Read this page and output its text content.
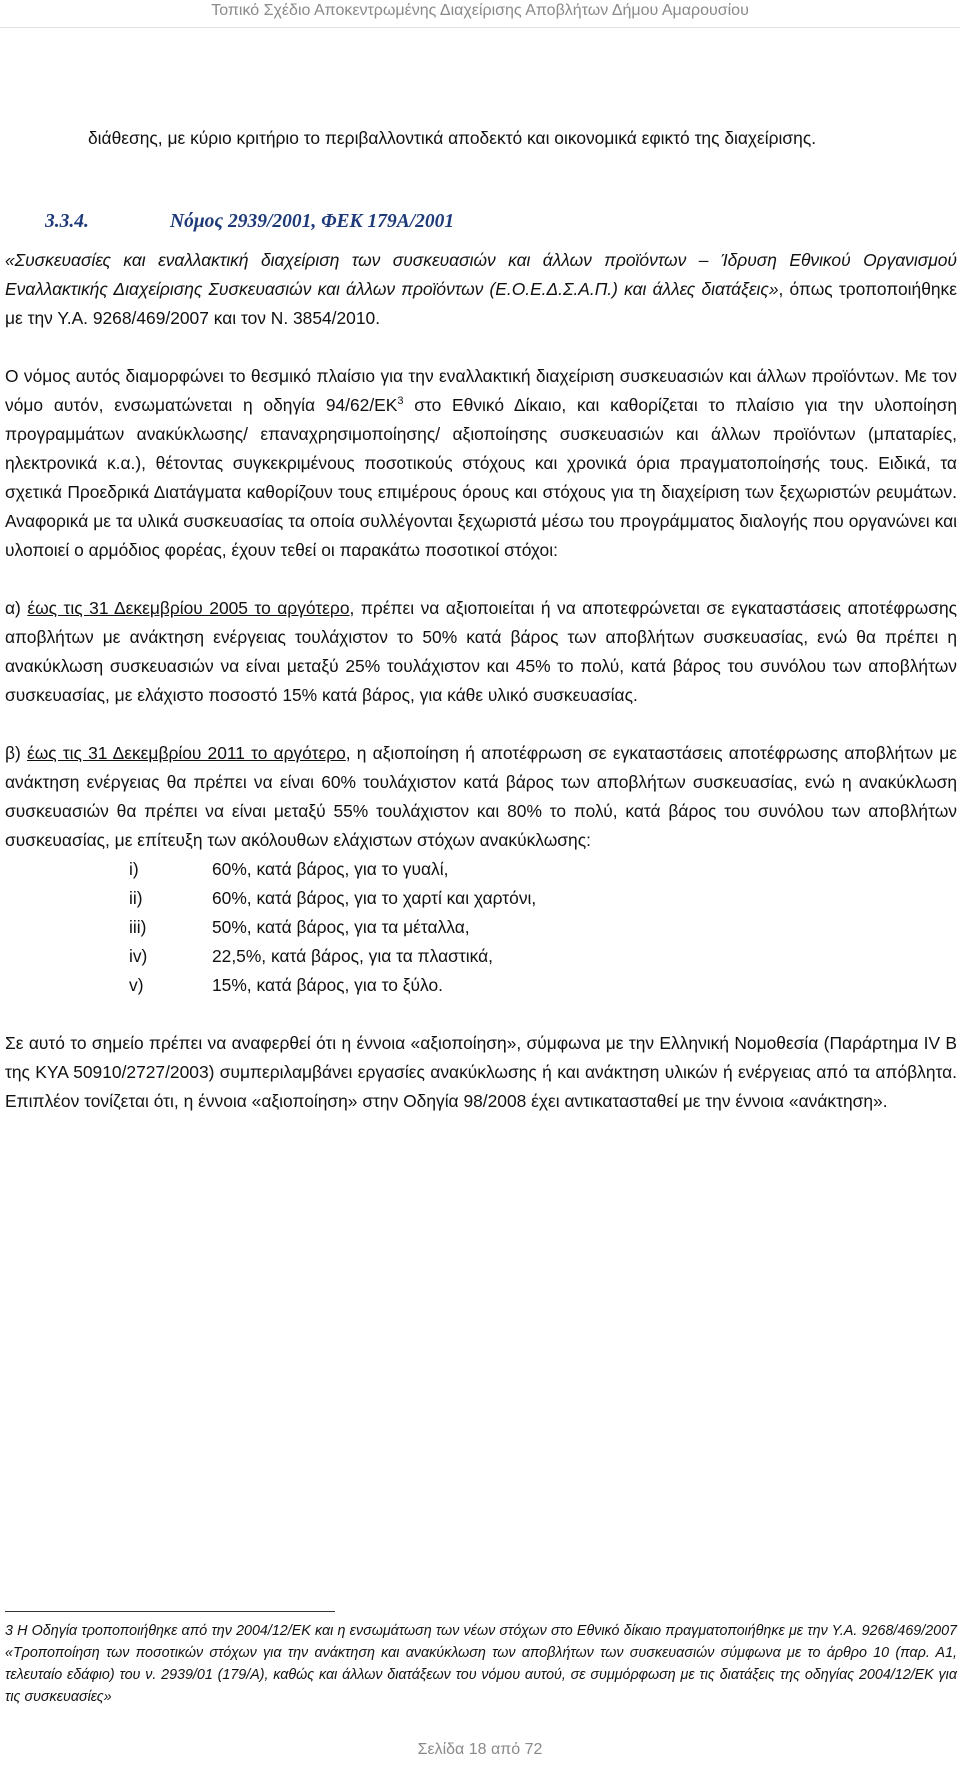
Τοπικό Σχέδιο Αποκεντρωμένης Διαχείρισης Αποβλήτων Δήμου Αμαρουσίου

διάθεσης, με κύριο κριτήριο το περιβαλλοντικά αποδεκτό και οικονομικά εφικτό της διαχείρισης.

3.3.4.	Νόμος 2939/2001, ΦΕΚ 179Α/2001

«Συσκευασίες και εναλλακτική διαχείριση των συσκευασιών και άλλων προϊόντων – Ίδρυση Εθνικού Οργανισμού Εναλλακτικής Διαχείρισης Συσκευασιών και άλλων προϊόντων (Ε.Ο.Ε.Δ.Σ.Α.Π.) και άλλες διατάξεις», όπως τροποποιήθηκε με την Υ.Α. 9268/469/2007 και τον Ν. 3854/2010.

Ο νόμος αυτός διαμορφώνει το θεσμικό πλαίσιο για την εναλλακτική διαχείριση συσκευασιών και άλλων προϊόντων. Με τον νόμο αυτόν, ενσωματώνεται η οδηγία $94/62/EK^3$ στο Εθνικό Δίκαιο, και καθορίζεται το πλαίσιο για την υλοποίηση προγραμμάτων ανακύκλωσης/ επαναχρησιμοποίησης/ αξιοποίησης συσκευασιών και άλλων προϊόντων (μπαταρίες, ηλεκτρονικά κ.α.), θέτοντας συγκεκριμένους ποσοτικούς στόχους και χρονικά όρια πραγματοποίησής τους. Ειδικά, τα σχετικά Προεδρικά Διατάγματα καθορίζουν τους επιμέρους όρους και στόχους για τη διαχείριση των ξεχωριστών ρευμάτων. Αναφορικά με τα υλικά συσκευασίας τα οποία συλλέγονται ξεχωριστά μέσω του προγράμματος διαλογής που οργανώνει και υλοποιεί ο αρμόδιος φορέας, έχουν τεθεί οι παρακάτω ποσοτικοί στόχοι:

α) έως τις 31 Δεκεμβρίου 2005 το αργότερο, πρέπει να αξιοποιείται ή να αποτεφρώνεται σε εγκαταστάσεις αποτέφρωσης αποβλήτων με ανάκτηση ενέργειας τουλάχιστον το 50% κατά βάρος των αποβλήτων συσκευασίας, ενώ θα πρέπει η ανακύκλωση συσκευασιών να είναι μεταξύ 25% τουλάχιστον και 45% το πολύ, κατά βάρος του συνόλου των αποβλήτων συσκευασίας, με ελάχιστο ποσοστό 15% κατά βάρος, για κάθε υλικό συσκευασίας.

β) έως τις 31 Δεκεμβρίου 2011 το αργότερο, η αξιοποίηση ή αποτέφρωση σε εγκαταστάσεις αποτέφρωσης αποβλήτων με ανάκτηση ενέργειας θα πρέπει να είναι 60% τουλάχιστον κατά βάρος των αποβλήτων συσκευασίας, ενώ η ανακύκλωση συσκευασιών θα πρέπει να είναι μεταξύ 55% τουλάχιστον και 80% το πολύ, κατά βάρος του συνόλου των αποβλήτων συσκευασίας, με επίτευξη των ακόλουθων ελάχιστων στόχων ανακύκλωσης:

i)	60%, κατά βάρος, για το γυαλί,
ii)	60%, κατά βάρος, για το χαρτί και χαρτόνι,
iii)	50%, κατά βάρος, για τα μέταλλα,
iv)	22,5%, κατά βάρος, για τα πλαστικά,
v)	15%, κατά βάρος, για το ξύλο.

Σε αυτό το σημείο πρέπει να αναφερθεί ότι η έννοια «αξιοποίηση», σύμφωνα με την Ελληνική Νομοθεσία (Παράρτημα IV B της ΚΥΑ 50910/2727/2003) συμπεριλαμβάνει εργασίες ανακύκλωσης ή και ανάκτηση υλικών ή ενέργειας από τα απόβλητα. Επιπλέον τονίζεται ότι, η έννοια «αξιοποίηση» στην Οδηγία 98/2008 έχει αντικατασταθεί με την έννοια «ανάκτηση».

3 Η Οδηγία τροποποιήθηκε από την 2004/12/ΕΚ και η ενσωμάτωση των νέων στόχων στο Εθνικό δίκαιο πραγματοποιήθηκε με την Υ.Α. 9268/469/2007 «Τροποποίηση των ποσοτικών στόχων για την ανάκτηση και ανακύκλωση των αποβλήτων των συσκευασιών σύμφωνα με το άρθρο 10 (παρ. Α1, τελευταίο εδάφιο) του ν. 2939/01 (179/Α), καθώς και άλλων διατάξεων του νόμου αυτού, σε συμμόρφωση με τις διατάξεις της οδηγίας 2004/12/ΕΚ για τις συσκευασίες»

Σελίδα 18 από 72
